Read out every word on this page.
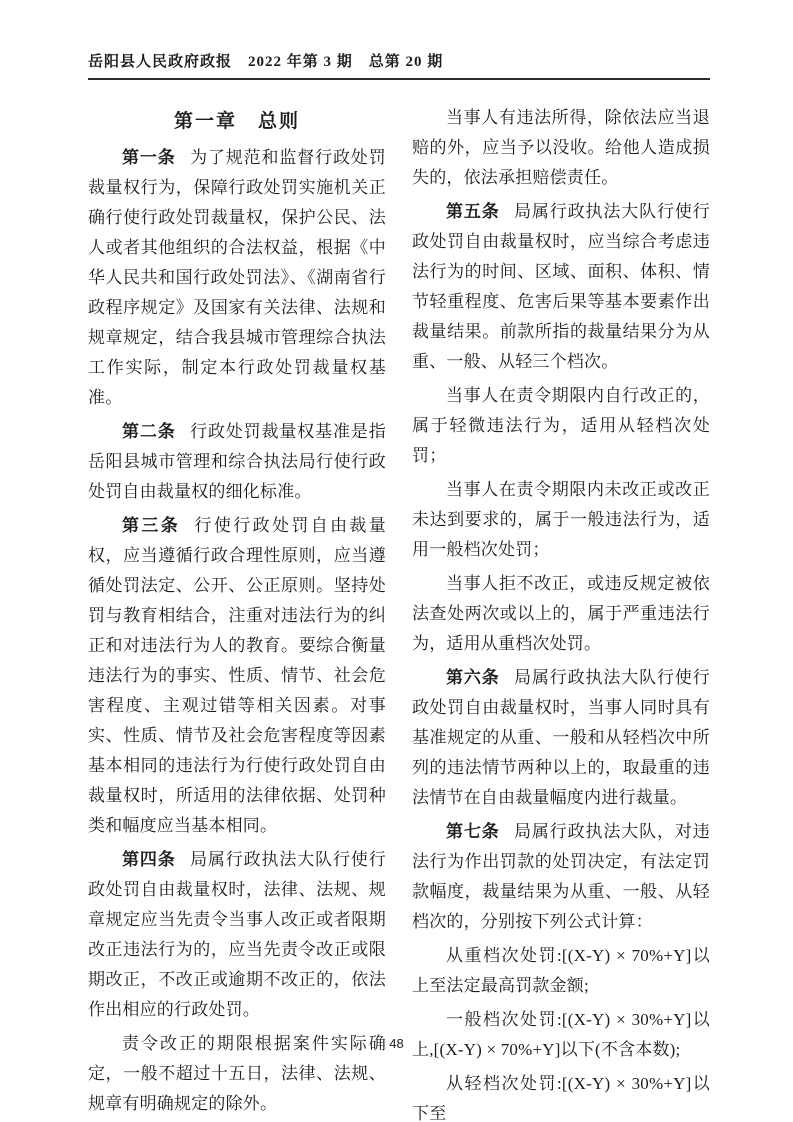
岳阳县人民政府政报　2022 年第 3 期　总第 20 期
第一章　总则

第一条 为了规范和监督行政处罚裁量权行为，保障行政处罚实施机关正确行使行政处罚裁量权，保护公民、法人或者其他组织的合法权益，根据《中华人民共和国行政处罚法》、《湖南省行政程序规定》及国家有关法律、法规和规章规定，结合我县城市管理综合执法工作实际，制定本行政处罚裁量权基准。

第二条 行政处罚裁量权基准是指岳阳县城市管理和综合执法局行使行政处罚自由裁量权的细化标准。

第三条 行使行政处罚自由裁量权，应当遵循行政合理性原则，应当遵循处罚法定、公开、公正原则。坚持处罚与教育相结合，注重对违法行为的纠正和对违法行为人的教育。要综合衡量违法行为的事实、性质、情节、社会危害程度、主观过错等相关因素。对事实、性质、情节及社会危害程度等因素基本相同的违法行为行使行政处罚自由裁量权时，所适用的法律依据、处罚种类和幅度应当基本相同。

第四条 局属行政执法大队行使行政处罚自由裁量权时，法律、法规、规章规定应当先责令当事人改正或者限期改正违法行为的，应当先责令改正或限期改正，不改正或逾期不改正的，依法作出相应的行政处罚。

责令改正的期限根据案件实际确定，一般不超过十五日，法律、法规、规章有明确规定的除外。

当事人有违法所得，除依法应当退赔的外，应当予以没收。给他人造成损失的，依法承担赔偿责任。

第五条 局属行政执法大队行使行政处罚自由裁量权时，应当综合考虑违法行为的时间、区域、面积、体积、情节轻重程度、危害后果等基本要素作出裁量结果。前款所指的裁量结果分为从重、一般、从轻三个档次。

当事人在责令期限内自行改正的，属于轻微违法行为，适用从轻档次处罚；

当事人在责令期限内未改正或改正未达到要求的，属于一般违法行为，适用一般档次处罚；

当事人拒不改正，或违反规定被依法查处两次或以上的，属于严重违法行为，适用从重档次处罚。

第六条 局属行政执法大队行使行政处罚自由裁量权时，当事人同时具有基准规定的从重、一般和从轻档次中所列的违法情节两种以上的，取最重的违法情节在自由裁量幅度内进行裁量。

第七条 局属行政执法大队，对违法行为作出罚款的处罚决定，有法定罚款幅度，裁量结果为从重、一般、从轻档次的，分别按下列公式计算：

从重档次处罚:[(X-Y) × 70%+Y]以上至法定最高罚款金额;

一般档次处罚:[(X-Y) × 30%+Y]以上,[(X-Y) × 70%+Y]以下(不含本数);

从轻档次处罚:[(X-Y) × 30%+Y]以下至

48
